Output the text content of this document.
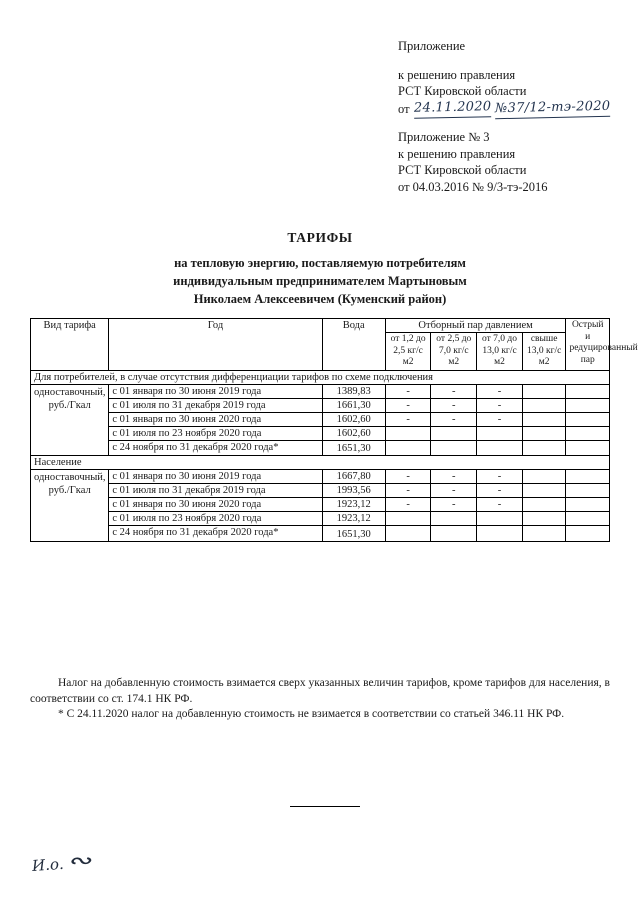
Приложение
к решению правления
РСТ Кировской области
от 24.11.2020 №37/12-тэ-2020
Приложение № 3
к решению правления
РСТ Кировской области
от 04.03.2016 № 9/3-тэ-2016
ТАРИФЫ
на тепловую энергию, поставляемую потребителям
индивидуальным предпринимателем Мартыновым
Николаем Алексеевичем (Куменский район)
Вид тарифа	Год	Вода	Отборный пар давлением				Острый и редуцированный пар
			от 1,2 до 2,5 кг/с м2	от 2,5 до 7,0 кг/с м2	от 7,0 до 13,0 кг/с м2	свыше 13,0 кг/с м2	
Для потребителей, в случае отсутствия дифференциации тарифов по схеме подключения							
одноставочный, руб./Гкал	с 01 января по 30 июня 2019 года	1389,83	-	-	-		
	с 01 июля по 31 декабря 2019 года	1661,30	-	-	-		
	с 01 января по 30 июня 2020 года	1602,60	-	-	-		
	с 01 июля по 23 ноября 2020 года	1602,60					
	с 24 ноября по 31 декабря 2020 года*	1651,30					
Население							
одноставочный, руб./Гкал	с 01 января по 30 июня 2019 года	1667,80	-	-	-		
	с 01 июля по 31 декабря 2019 года	1993,56	-	-	-		
	с 01 января по 30 июня 2020 года	1923,12	-	-	-		
	с 01 июля по 23 ноября 2020 года	1923,12					
	с 24 ноября по 31 декабря 2020 года*	1651,30					

Налог на добавленную стоимость взимается сверх указанных величин тарифов, кроме тарифов для населения, в соответствии со ст. 174.1 НК РФ.

* С 24.11.2020 налог на добавленную стоимость не взимается в соответствии со статьей 346.11 НК РФ.

И.о.∾
